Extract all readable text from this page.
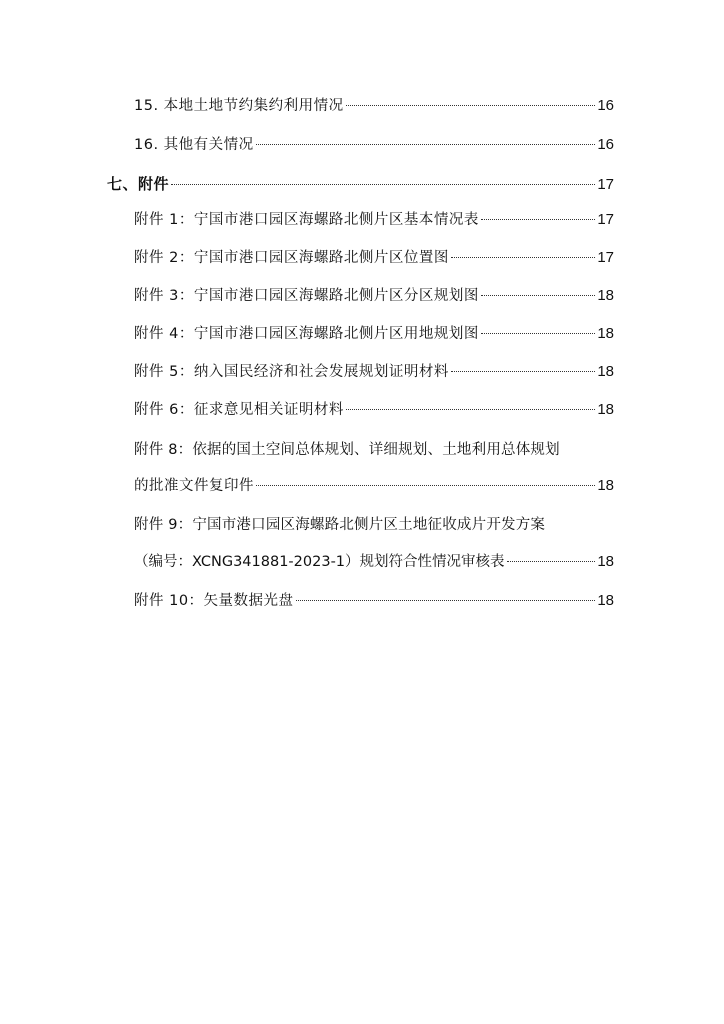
15. 本地土地节约集约利用情况	16
16. 其他有关情况	16
七、附件	17
附件 1：宁国市港口园区海螺路北侧片区基本情况表	17
附件 2：宁国市港口园区海螺路北侧片区位置图	17
附件 3：宁国市港口园区海螺路北侧片区分区规划图	18
附件 4：宁国市港口园区海螺路北侧片区用地规划图	18
附件 5：纳入国民经济和社会发展规划证明材料	18
附件 6：征求意见相关证明材料	18
附件 8：依据的国土空间总体规划、详细规划、土地利用总体规划
的批准文件复印件	18
附件 9：宁国市港口园区海螺路北侧片区土地征收成片开发方案
（编号：XCNG341881-2023-1）规划符合性情况审核表	18
附件 10：矢量数据光盘	18
